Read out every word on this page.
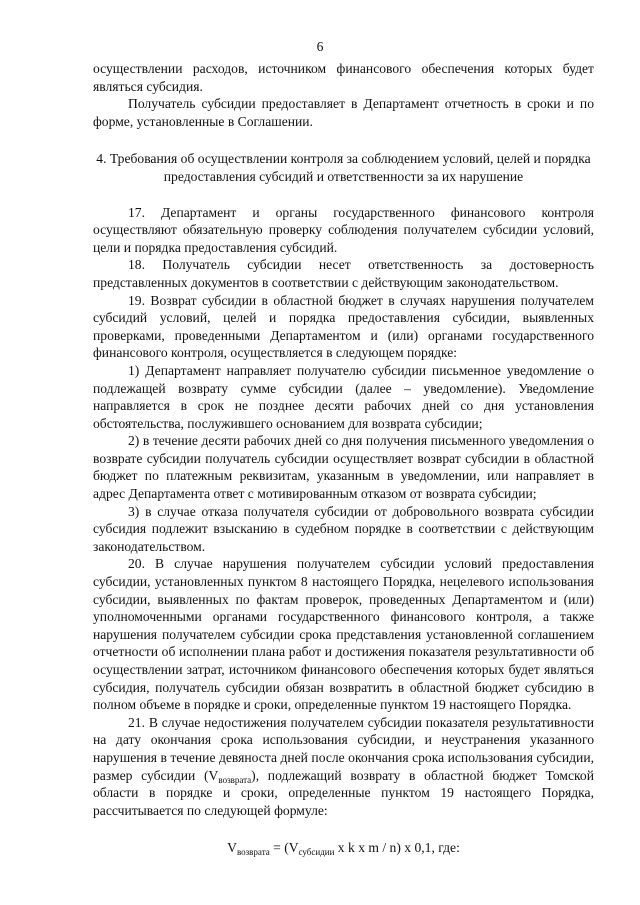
6

осуществлении расходов, источником финансового обеспечения которых будет являться субсидия.

Получатель субсидии предоставляет в Департамент отчетность в сроки и по форме, установленные в Соглашении.

4. Требования об осуществлении контроля за соблюдением условий, целей и порядка предоставления субсидий и ответственности за их нарушение

17. Департамент и органы государственного финансового контроля осуществляют обязательную проверку соблюдения получателем субсидии условий, цели и порядка предоставления субсидий.

18. Получатель субсидии несет ответственность за достоверность представленных документов в соответствии с действующим законодательством.

19. Возврат субсидии в областной бюджет в случаях нарушения получателем субсидий условий, целей и порядка предоставления субсидии, выявленных проверками, проведенными Департаментом и (или) органами государственного финансового контроля, осуществляется в следующем порядке:

1) Департамент направляет получателю субсидии письменное уведомление о подлежащей возврату сумме субсидии (далее – уведомление). Уведомление направляется в срок не позднее десяти рабочих дней со дня установления обстоятельства, послужившего основанием для возврата субсидии;

2) в течение десяти рабочих дней со дня получения письменного уведомления о возврате субсидии получатель субсидии осуществляет возврат субсидии в областной бюджет по платежным реквизитам, указанным в уведомлении, или направляет в адрес Департамента ответ с мотивированным отказом от возврата субсидии;

3) в случае отказа получателя субсидии от добровольного возврата субсидии субсидия подлежит взысканию в судебном порядке в соответствии с действующим законодательством.

20. В случае нарушения получателем субсидии условий предоставления субсидии, установленных пунктом 8 настоящего Порядка, нецелевого использования субсидии, выявленных по фактам проверок, проведенных Департаментом и (или) уполномоченными органами государственного финансового контроля, а также нарушения получателем субсидии срока представления установленной соглашением отчетности об исполнении плана работ и достижения показателя результативности об осуществлении затрат, источником финансового обеспечения которых будет являться субсидия, получатель субсидии обязан возвратить в областной бюджет субсидию в полном объеме в порядке и сроки, определенные пунктом 19 настоящего Порядка.

21. В случае недостижения получателем субсидии показателя результативности на дату окончания срока использования субсидии, и неустранения указанного нарушения в течение девяноста дней после окончания срока использования субсидии, размер субсидии $(V_{возврата})$, подлежащий возврату в областной бюджет Томской области в порядке и сроки, определенные пунктом 19 настоящего Порядка, рассчитывается по следующей формуле:

$V_{возврата} = (V_{субсидии}$ x k x m / n) x 0,1, где:
